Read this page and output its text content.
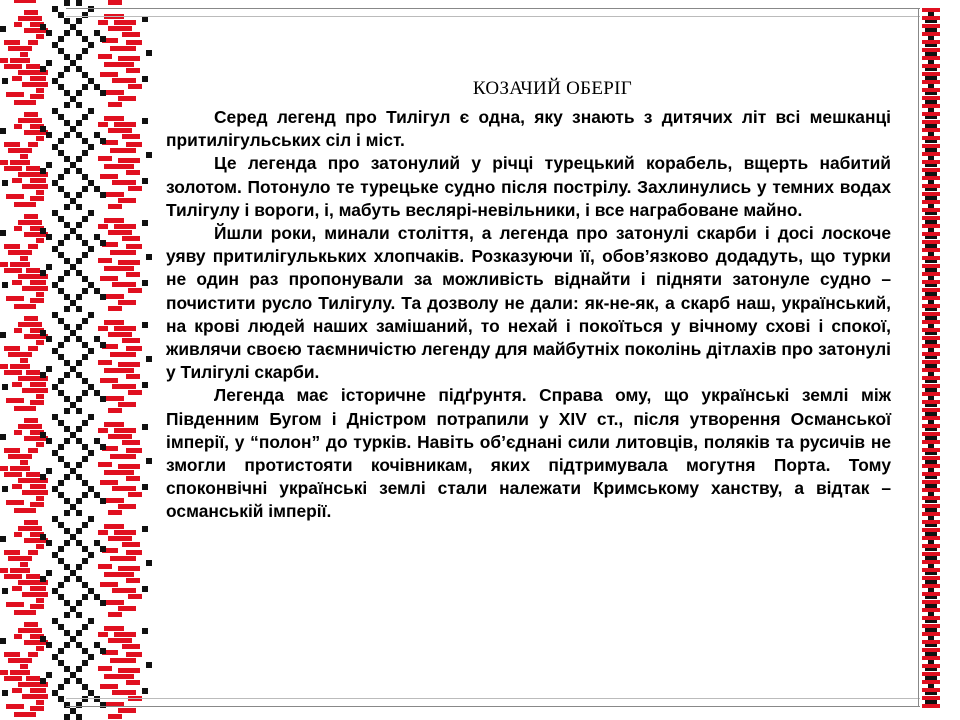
КОЗАЧИЙ ОБЕРІГ

Серед легенд про Тилігул є одна, яку знають з дитячих літ всі мешканці притилігульських сіл і міст.

Це легенда про затонулий у річці турецький корабель, вщерть набитий золотом. Потонуло те турецьке судно після пострілу. Захлинулись у темних водах Тилігулу і вороги, і, мабуть веслярі-невільники, і все награбоване майно.

Йшли роки, минали століття, а легенда про затонулі скарби і досі лоскоче уяву притилігулькьких хлопчаків. Розказуючи її, обов’язково додадуть, що турки не один раз пропонували за можливість віднайти і підняти затонуле судно – почистити русло Тилігулу. Та дозволу не дали: як-не-як, а скарб наш, український, на крові людей наших замішаний, то нехай і покоїться у вічному схові і спокої, живлячи своєю таємничістю легенду для майбутніх поколінь дітлахів про затонулі у Тилігулі скарби.

Легенда має історичне підґрунтя. Справа ому, що українські землі між Південним Бугом і Дністром потрапили у XIV ст., після утворення Османської імперії, у “полон” до турків. Навіть об’єднані сили литовців, поляків та русичів не змогли протистояти кочівникам, яких підтримувала могутня Порта. Тому споконвічні українські землі стали належати Кримському ханству, а відтак – османській імперії.
